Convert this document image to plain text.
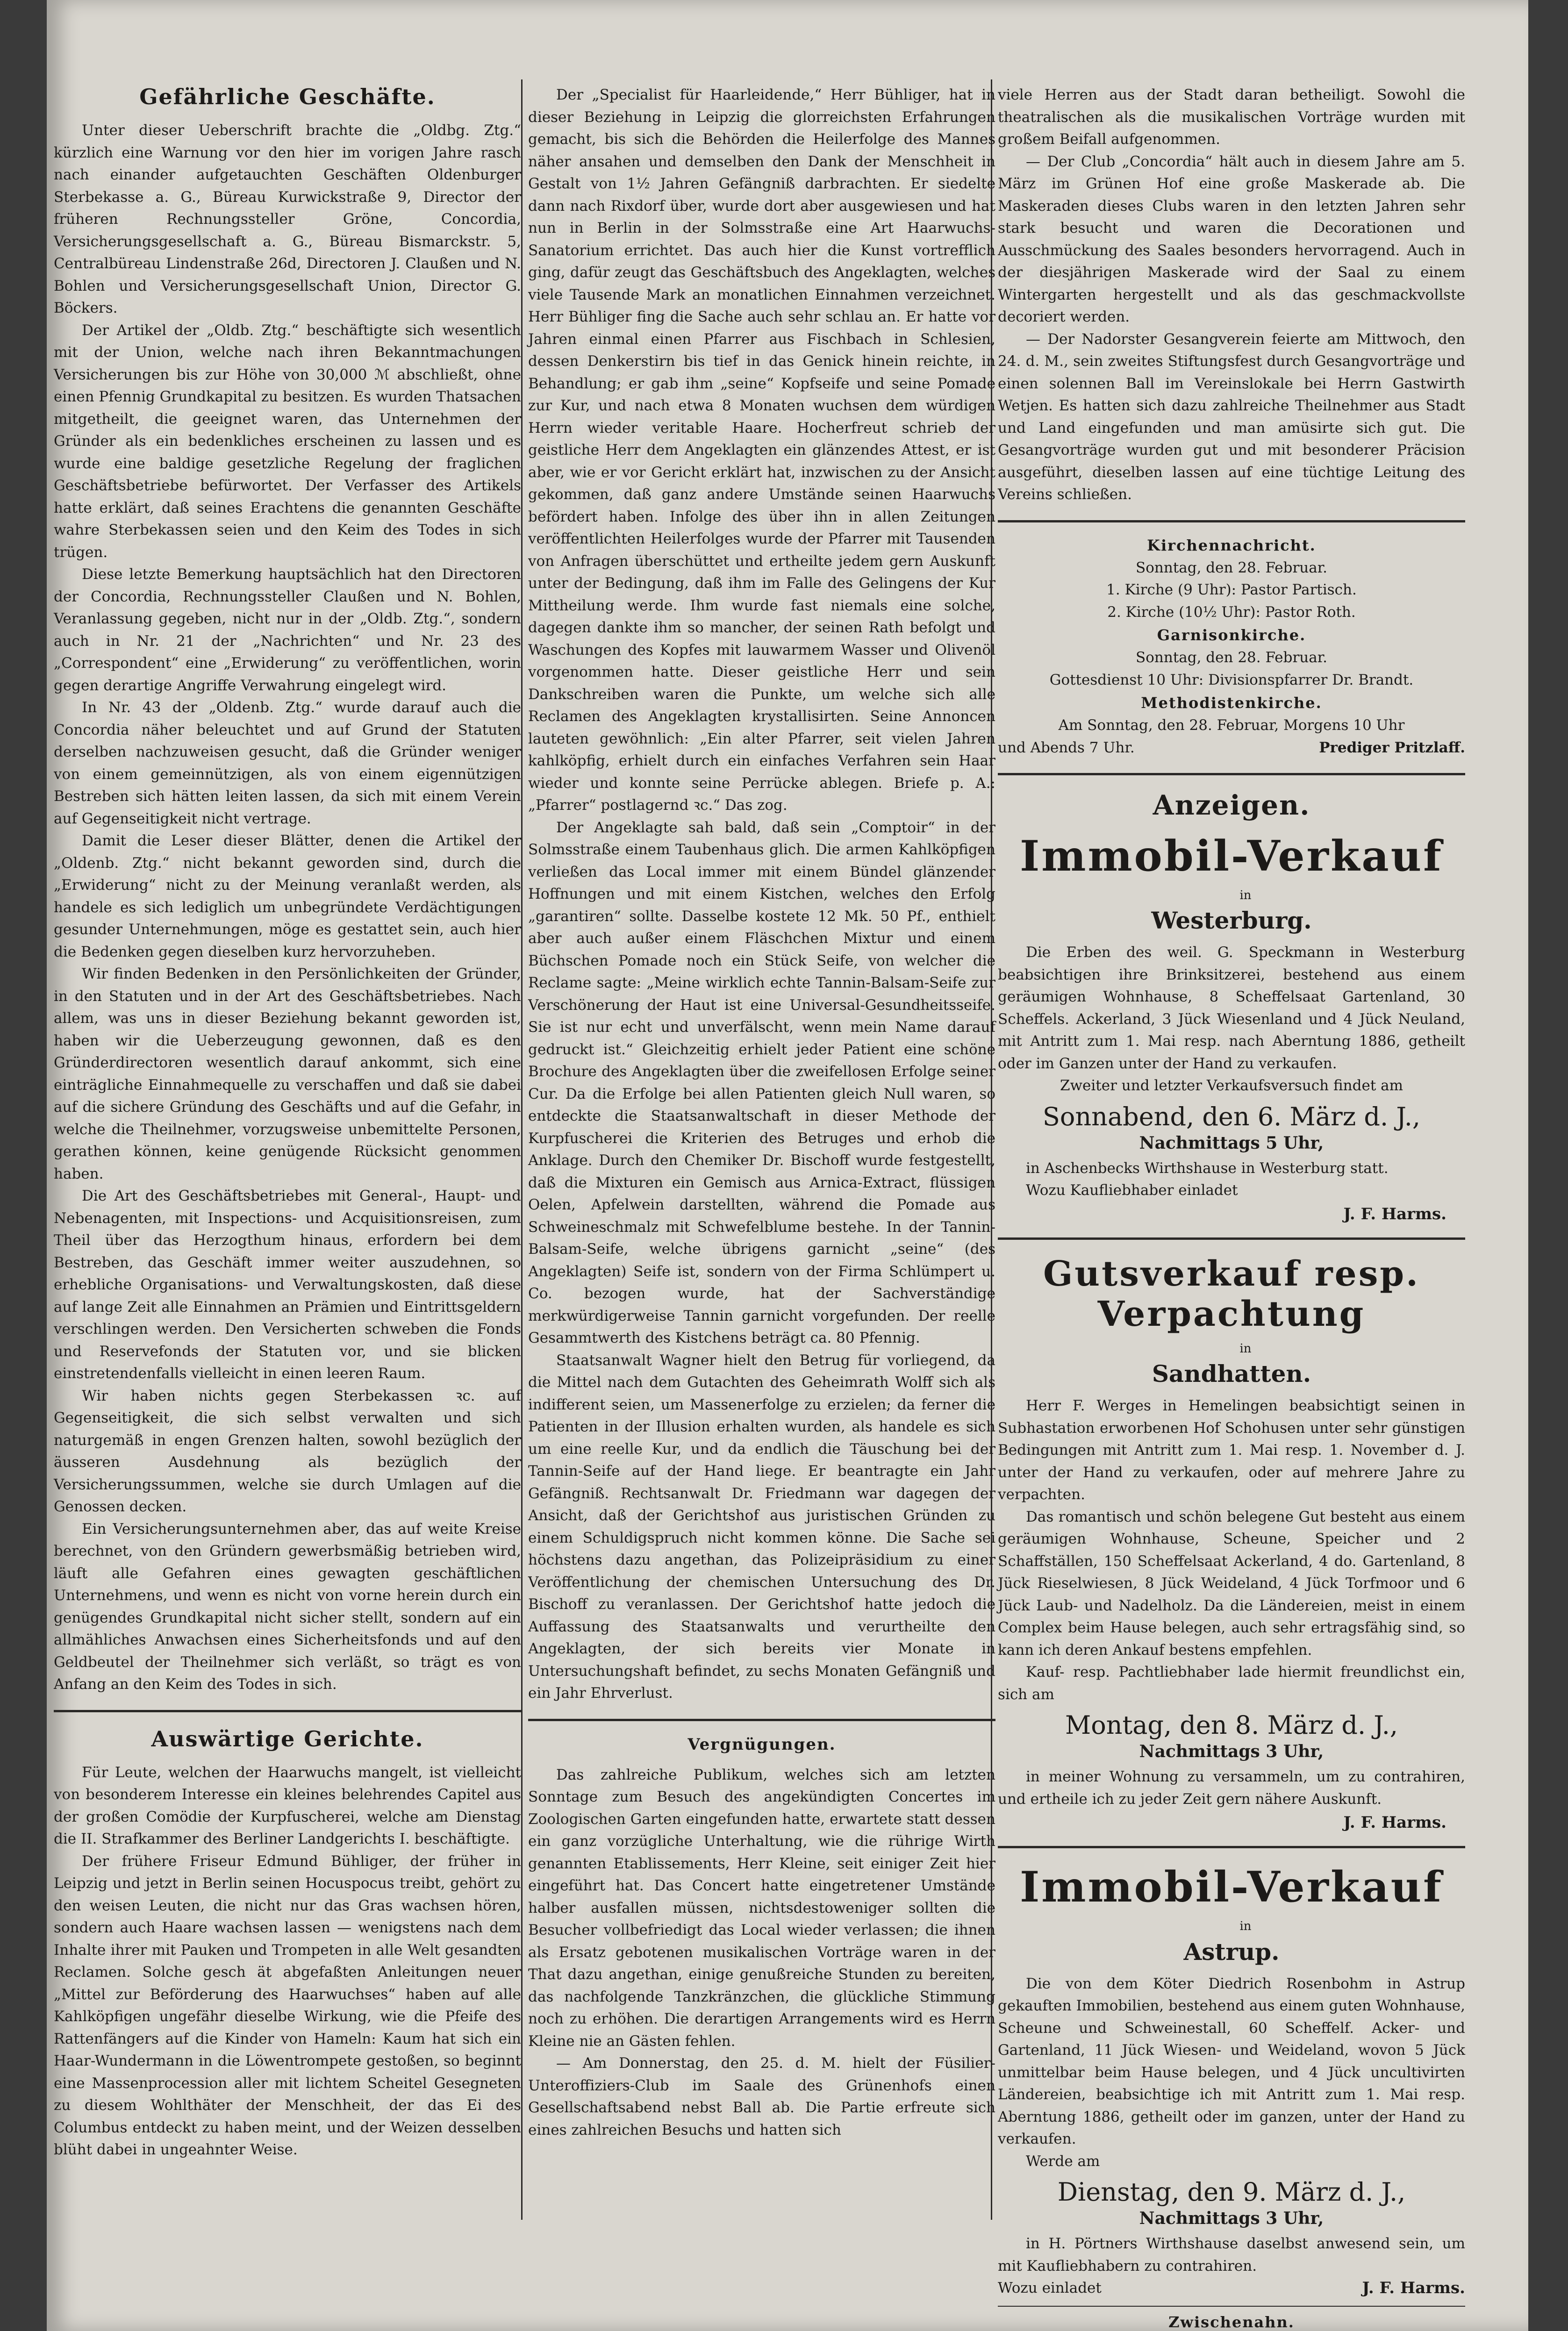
Gefährliche Geschäfte.

Unter dieser Ueberschrift brachte die „Oldbg. Ztg.“ kürzlich eine Warnung vor den hier im vorigen Jahre rasch nach einander aufgetauchten Geschäften Oldenburger Sterbekasse a. G., Büreau Kurwickstraße 9, Director der früheren Rechnungssteller Gröne, Concordia, Versicherungsgesellschaft a. G., Büreau Bismarckstr. 5, Centralbüreau Lindenstraße 26d, Directoren J. Claußen und N. Bohlen und Versicherungsgesellschaft Union, Director G. Böckers.

Der Artikel der „Oldb. Ztg.“ beschäftigte sich wesentlich mit der Union, welche nach ihren Bekanntmachungen Versicherungen bis zur Höhe von 30,000 ℳ abschließt, ohne einen Pfennig Grundkapital zu besitzen. Es wurden Thatsachen mitgetheilt, die geeignet waren, das Unternehmen der Gründer als ein bedenkliches erscheinen zu lassen und es wurde eine baldige gesetzliche Regelung der fraglichen Geschäftsbetriebe befürwortet. Der Verfasser des Artikels hatte erklärt, daß seines Erachtens die genannten Geschäfte wahre Sterbekassen seien und den Keim des Todes in sich trügen.

Diese letzte Bemerkung hauptsächlich hat den Directoren der Concordia, Rechnungssteller Claußen und N. Bohlen, Veranlassung gegeben, nicht nur in der „Oldb. Ztg.“, sondern auch in Nr. 21 der „Nachrichten“ und Nr. 23 des „Correspondent“ eine „Erwiderung“ zu veröffentlichen, worin gegen derartige Angriffe Verwahrung eingelegt wird.

In Nr. 43 der „Oldenb. Ztg.“ wurde darauf auch die Concordia näher beleuchtet und auf Grund der Statuten derselben nachzuweisen gesucht, daß die Gründer weniger von einem gemeinnützigen, als von einem eigennützigen Bestreben sich hätten leiten lassen, da sich mit einem Verein auf Gegenseitigkeit nicht vertrage.

Damit die Leser dieser Blätter, denen die Artikel der „Oldenb. Ztg.“ nicht bekannt geworden sind, durch die „Erwiderung“ nicht zu der Meinung veranlaßt werden, als handele es sich lediglich um unbegründete Verdächtigungen gesunder Unternehmungen, möge es gestattet sein, auch hier die Bedenken gegen dieselben kurz hervorzuheben.

Wir finden Bedenken in den Persönlichkeiten der Gründer, in den Statuten und in der Art des Geschäftsbetriebes. Nach allem, was uns in dieser Beziehung bekannt geworden ist, haben wir die Ueberzeugung gewonnen, daß es den Gründerdirectoren wesentlich darauf ankommt, sich eine einträgliche Einnahmequelle zu verschaffen und daß sie dabei auf die sichere Gründung des Geschäfts und auf die Gefahr, in welche die Theilnehmer, vorzugsweise unbemittelte Personen, gerathen können, keine genügende Rücksicht genommen haben.

Die Art des Geschäftsbetriebes mit General-, Haupt- und Nebenagenten, mit Inspections- und Acquisitionsreisen, zum Theil über das Herzogthum hinaus, erfordern bei dem Bestreben, das Geschäft immer weiter auszudehnen, so erhebliche Organisations- und Verwaltungskosten, daß diese auf lange Zeit alle Einnahmen an Prämien und Eintrittsgeldern verschlingen werden. Den Versicherten schweben die Fonds und Reservefonds der Statuten vor, und sie blicken einstretendenfalls vielleicht in einen leeren Raum.

Wir haben nichts gegen Sterbekassen ꝛc. auf Gegenseitigkeit, die sich selbst verwalten und sich naturgemäß in engen Grenzen halten, sowohl bezüglich der äusseren Ausdehnung als bezüglich der Versicherungssummen, welche sie durch Umlagen auf die Genossen decken.

Ein Versicherungsunternehmen aber, das auf weite Kreise berechnet, von den Gründern gewerbsmäßig betrieben wird, läuft alle Gefahren eines gewagten geschäftlichen Unternehmens, und wenn es nicht von vorne herein durch ein genügendes Grundkapital nicht sicher stellt, sondern auf ein allmähliches Anwachsen eines Sicherheitsfonds und auf den Geldbeutel der Theilnehmer sich verläßt, so trägt es von Anfang an den Keim des Todes in sich.

Auswärtige Gerichte.

Für Leute, welchen der Haarwuchs mangelt, ist vielleicht von besonderem Interesse ein kleines belehrendes Capitel aus der großen Comödie der Kurpfuscherei, welche am Dienstag die II. Strafkammer des Berliner Landgerichts I. beschäftigte.

Der frühere Friseur Edmund Bühliger, der früher in Leipzig und jetzt in Berlin seinen Hocuspocus treibt, gehört zu den weisen Leuten, die nicht nur das Gras wachsen hören, sondern auch Haare wachsen lassen — wenigstens nach dem Inhalte ihrer mit Pauken und Trompeten in alle Welt gesandten Reclamen. Solche gesch ät abgefaßten Anleitungen neuer „Mittel zur Beförderung des Haarwuchses“ haben auf alle Kahlköpfigen ungefähr dieselbe Wirkung, wie die Pfeife des Rattenfängers auf die Kinder von Hameln: Kaum hat sich ein Haar-Wundermann in die Löwentrompete gestoßen, so beginnt eine Massenprocession aller mit lichtem Scheitel Gesegneten zu diesem Wohlthäter der Menschheit, der das Ei des Columbus entdeckt zu haben meint, und der Weizen desselben blüht dabei in ungeahnter Weise.

Der „Specialist für Haarleidende,“ Herr Bühliger, hat in dieser Beziehung in Leipzig die glorreichsten Erfahrungen gemacht, bis sich die Behörden die Heilerfolge des Mannes näher ansahen und demselben den Dank der Menschheit in Gestalt von 1½ Jahren Gefängniß darbrachten. Er siedelte dann nach Rixdorf über, wurde dort aber ausgewiesen und hat nun in Berlin in der Solmsstraße eine Art Haarwuchs-Sanatorium errichtet. Das auch hier die Kunst vortrefflich ging, dafür zeugt das Geschäftsbuch des Angeklagten, welches viele Tausende Mark an monatlichen Einnahmen verzeichnet. Herr Bühliger fing die Sache auch sehr schlau an. Er hatte vor Jahren einmal einen Pfarrer aus Fischbach in Schlesien, dessen Denkerstirn bis tief in das Genick hinein reichte, in Behandlung; er gab ihm „seine“ Kopfseife und seine Pomade zur Kur, und nach etwa 8 Monaten wuchsen dem würdigen Herrn wieder veritable Haare. Hocherfreut schrieb der geistliche Herr dem Angeklagten ein glänzendes Attest, er ist aber, wie er vor Gericht erklärt hat, inzwischen zu der Ansicht gekommen, daß ganz andere Umstände seinen Haarwuchs befördert haben. Infolge des über ihn in allen Zeitungen veröffentlichten Heilerfolges wurde der Pfarrer mit Tausenden von Anfragen überschüttet und ertheilte jedem gern Auskunft unter der Bedingung, daß ihm im Falle des Gelingens der Kur Mittheilung werde. Ihm wurde fast niemals eine solche, dagegen dankte ihm so mancher, der seinen Rath befolgt und Waschungen des Kopfes mit lauwarmem Wasser und Olivenöl vorgenommen hatte. Dieser geistliche Herr und sein Dankschreiben waren die Punkte, um welche sich alle Reclamen des Angeklagten krystallisirten. Seine Annoncen lauteten gewöhnlich: „Ein alter Pfarrer, seit vielen Jahren kahlköpfig, erhielt durch ein einfaches Verfahren sein Haar wieder und konnte seine Perrücke ablegen. Briefe p. A.: „Pfarrer“ postlagernd ꝛc.“ Das zog.

Der Angeklagte sah bald, daß sein „Comptoir“ in der Solmsstraße einem Taubenhaus glich. Die armen Kahlköpfigen verließen das Local immer mit einem Bündel glänzender Hoffnungen und mit einem Kistchen, welches den Erfolg „garantiren“ sollte. Dasselbe kostete 12 Mk. 50 Pf., enthielt aber auch außer einem Fläschchen Mixtur und einem Büchschen Pomade noch ein Stück Seife, von welcher die Reclame sagte: „Meine wirklich echte Tannin-Balsam-Seife zur Verschönerung der Haut ist eine Universal-Gesundheitsseife. Sie ist nur echt und unverfälscht, wenn mein Name darauf gedruckt ist.“ Gleichzeitig erhielt jeder Patient eine schöne Brochure des Angeklagten über die zweifellosen Erfolge seiner Cur. Da die Erfolge bei allen Patienten gleich Null waren, so entdeckte die Staatsanwaltschaft in dieser Methode der Kurpfuscherei die Kriterien des Betruges und erhob die Anklage. Durch den Chemiker Dr. Bischoff wurde festgestellt, daß die Mixturen ein Gemisch aus Arnica-Extract, flüssigen Oelen, Apfelwein darstellten, während die Pomade aus Schweineschmalz mit Schwefelblume bestehe. In der Tannin-Balsam-Seife, welche übrigens garnicht „seine“ (des Angeklagten) Seife ist, sondern von der Firma Schlümpert u. Co. bezogen wurde, hat der Sachverständige merkwürdigerweise Tannin garnicht vorgefunden. Der reelle Gesammtwerth des Kistchens beträgt ca. 80 Pfennig.

Staatsanwalt Wagner hielt den Betrug für vorliegend, da die Mittel nach dem Gutachten des Geheimrath Wolff sich als indifferent seien, um Massenerfolge zu erzielen; da ferner die Patienten in der Illusion erhalten wurden, als handele es sich um eine reelle Kur, und da endlich die Täuschung bei der Tannin-Seife auf der Hand liege. Er beantragte ein Jahr Gefängniß. Rechtsanwalt Dr. Friedmann war dagegen der Ansicht, daß der Gerichtshof aus juristischen Gründen zu einem Schuldigspruch nicht kommen könne. Die Sache sei höchstens dazu angethan, das Polizeipräsidium zu einer Veröffentlichung der chemischen Untersuchung des Dr. Bischoff zu veranlassen. Der Gerichtshof hatte jedoch die Auffassung des Staatsanwalts und verurtheilte den Angeklagten, der sich bereits vier Monate in Untersuchungshaft befindet, zu sechs Monaten Gefängniß und ein Jahr Ehrverlust.

Vergnügungen.

Das zahlreiche Publikum, welches sich am letzten Sonntage zum Besuch des angekündigten Concertes im Zoologischen Garten eingefunden hatte, erwartete statt dessen ein ganz vorzügliche Unterhaltung, wie die rührige Wirth genannten Etablissements, Herr Kleine, seit einiger Zeit hier eingeführt hat. Das Concert hatte eingetretener Umstände halber ausfallen müssen, nichtsdestoweniger sollten die Besucher vollbefriedigt das Local wieder verlassen; die ihnen als Ersatz gebotenen musikalischen Vorträge waren in der That dazu angethan, einige genußreiche Stunden zu bereiten, das nachfolgende Tanzkränzchen, die glückliche Stimmung noch zu erhöhen. Die derartigen Arrangements wird es Herrn Kleine nie an Gästen fehlen.

— Am Donnerstag, den 25. d. M. hielt der Füsilier-Unteroffiziers-Club im Saale des Grünenhofs einen Gesellschaftsabend nebst Ball ab. Die Partie erfreute sich eines zahlreichen Besuchs und hatten sich

viele Herren aus der Stadt daran betheiligt. Sowohl die theatralischen als die musikalischen Vorträge wurden mit großem Beifall aufgenommen.

— Der Club „Concordia“ hält auch in diesem Jahre am 5. März im Grünen Hof eine große Maskerade ab. Die Maskeraden dieses Clubs waren in den letzten Jahren sehr stark besucht und waren die Decorationen und Ausschmückung des Saales besonders hervorragend. Auch in der diesjährigen Maskerade wird der Saal zu einem Wintergarten hergestellt und als das geschmackvollste decoriert werden.

— Der Nadorster Gesangverein feierte am Mittwoch, den 24. d. M., sein zweites Stiftungsfest durch Gesangvorträge und einen solennen Ball im Vereinslokale bei Herrn Gastwirth Wetjen. Es hatten sich dazu zahlreiche Theilnehmer aus Stadt und Land eingefunden und man amüsirte sich gut. Die Gesangvorträge wurden gut und mit besonderer Präcision ausgeführt, dieselben lassen auf eine tüchtige Leitung des Vereins schließen.

Kirchennachricht.

Sonntag, den 28. Februar.

1. Kirche (9 Uhr): Pastor Partisch.

2. Kirche (10½ Uhr): Pastor Roth.

Garnisonkirche.

Sonntag, den 28. Februar.

Gottesdienst 10 Uhr: Divisionspfarrer Dr. Brandt.

Methodistenkirche.

Am Sonntag, den 28. Februar, Morgens 10 Uhr

und Abends 7 Uhr.	Prediger Pritzlaff.
Anzeigen.
Immobil-Verkauf

in

Westerburg.

Die Erben des weil. G. Speckmann in Westerburg beabsichtigen ihre Brinksitzerei, bestehend aus einem geräumigen Wohnhause, 8 Scheffelsaat Gartenland, 30 Scheffels. Ackerland, 3 Jück Wiesenland und 4 Jück Neuland, mit Antritt zum 1. Mai resp. nach Aberntung 1886, getheilt oder im Ganzen unter der Hand zu verkaufen.

Zweiter und letzter Verkaufsversuch findet am

Sonnabend, den 6. März d. J.,
Nachmittags 5 Uhr,

in Aschenbecks Wirthshause in Westerburg statt.

Wozu Kaufliebhaber einladet

J. F. Harms.
Gutsverkauf resp. Verpachtung

in

Sandhatten.

Herr F. Werges in Hemelingen beabsichtigt seinen in Subhastation erworbenen Hof Schohusen unter sehr günstigen Bedingungen mit Antritt zum 1. Mai resp. 1. November d. J. unter der Hand zu verkaufen, oder auf mehrere Jahre zu verpachten.

Das romantisch und schön belegene Gut besteht aus einem geräumigen Wohnhause, Scheune, Speicher und 2 Schaffställen, 150 Scheffelsaat Ackerland, 4 do. Gartenland, 8 Jück Rieselwiesen, 8 Jück Weideland, 4 Jück Torfmoor und 6 Jück Laub- und Nadelholz. Da die Ländereien, meist in einem Complex beim Hause belegen, auch sehr ertragsfähig sind, so kann ich deren Ankauf bestens empfehlen.

Kauf- resp. Pachtliebhaber lade hiermit freundlichst ein, sich am

Montag, den 8. März d. J.,
Nachmittags 3 Uhr,

in meiner Wohnung zu versammeln, um zu contrahiren, und ertheile ich zu jeder Zeit gern nähere Auskunft.

J. F. Harms.
Immobil-Verkauf

in

Astrup.

Die von dem Köter Diedrich Rosenbohm in Astrup gekauften Immobilien, bestehend aus einem guten Wohnhause, Scheune und Schweinestall, 60 Scheffelf. Acker- und Gartenland, 11 Jück Wiesen- und Weideland, wovon 5 Jück unmittelbar beim Hause belegen, und 4 Jück uncultivirten Ländereien, beabsichtige ich mit Antritt zum 1. Mai resp. Aberntung 1886, getheilt oder im ganzen, unter der Hand zu verkaufen.

Werde am

Dienstag, den 9. März d. J.,
Nachmittags 3 Uhr,

in H. Pörtners Wirthshause daselbst anwesend sein, um mit Kaufliebhabern zu contrahiren.

Wozu einladet	J. F. Harms.
Zwischenahn.
